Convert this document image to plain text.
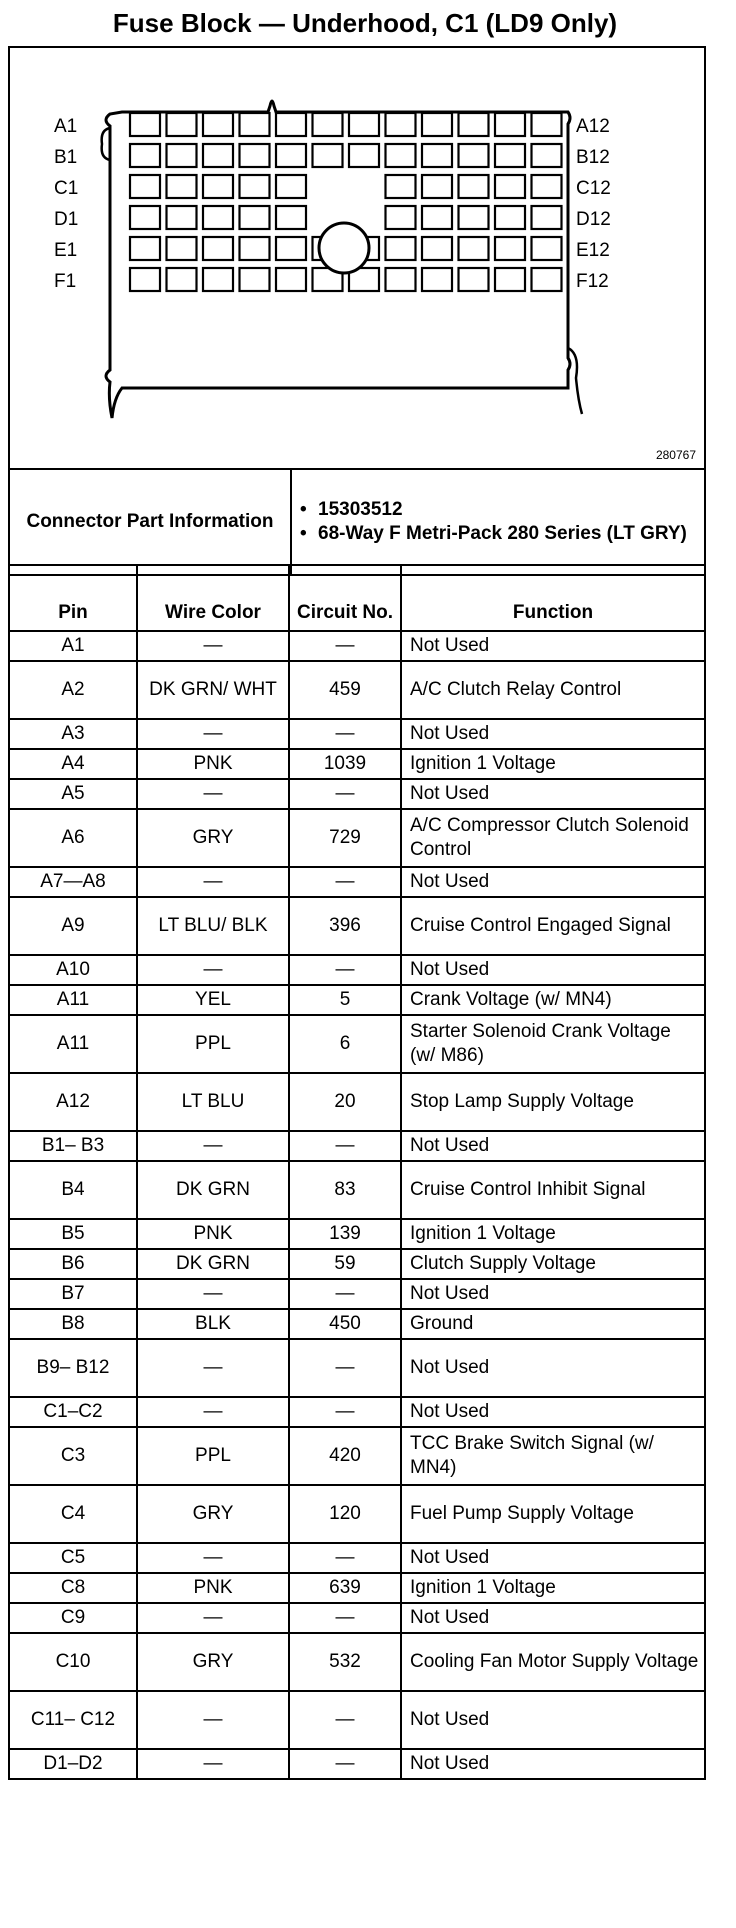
Fuse Block — Underhood, C1 (LD9 Only)
A1	A12
B1	B12
C1	C12
D1	D12
E1	E12
F1	F12
280767
Connector Part Information	
• 15303512
• 68-Way F Metri-Pack 280 Series (LT GRY)
Pin	Wire Color	Circuit No.	Function
A1	—	—	Not Used
A2	DK GRN/ WHT	459	A/C Clutch Relay Control
A3	—	—	Not Used
A4	PNK	1039	Ignition 1 Voltage
A5	—	—	Not Used
A6	GRY	729	A/C Compressor Clutch Solenoid Control
A7—A8	—	—	Not Used
A9	LT BLU/ BLK	396	Cruise Control Engaged Signal
A10	—	—	Not Used
A11	YEL	5	Crank Voltage (w/ MN4)
A11	PPL	6	Starter Solenoid Crank Voltage (w/ M86)
A12	LT BLU	20	Stop Lamp Supply Voltage
B1– B3	—	—	Not Used
B4	DK GRN	83	Cruise Control Inhibit Signal
B5	PNK	139	Ignition 1 Voltage
B6	DK GRN	59	Clutch Supply Voltage
B7	—	—	Not Used
B8	BLK	450	Ground
B9– B12	—	—	Not Used
C1–C2	—	—	Not Used
C3	PPL	420	TCC Brake Switch Signal (w/ MN4)
C4	GRY	120	Fuel Pump Supply Voltage
C5	—	—	Not Used
C8	PNK	639	Ignition 1 Voltage
C9	—	—	Not Used
C10	GRY	532	Cooling Fan Motor Supply Voltage
C11– C12	—	—	Not Used
D1–D2	—	—	Not Used
